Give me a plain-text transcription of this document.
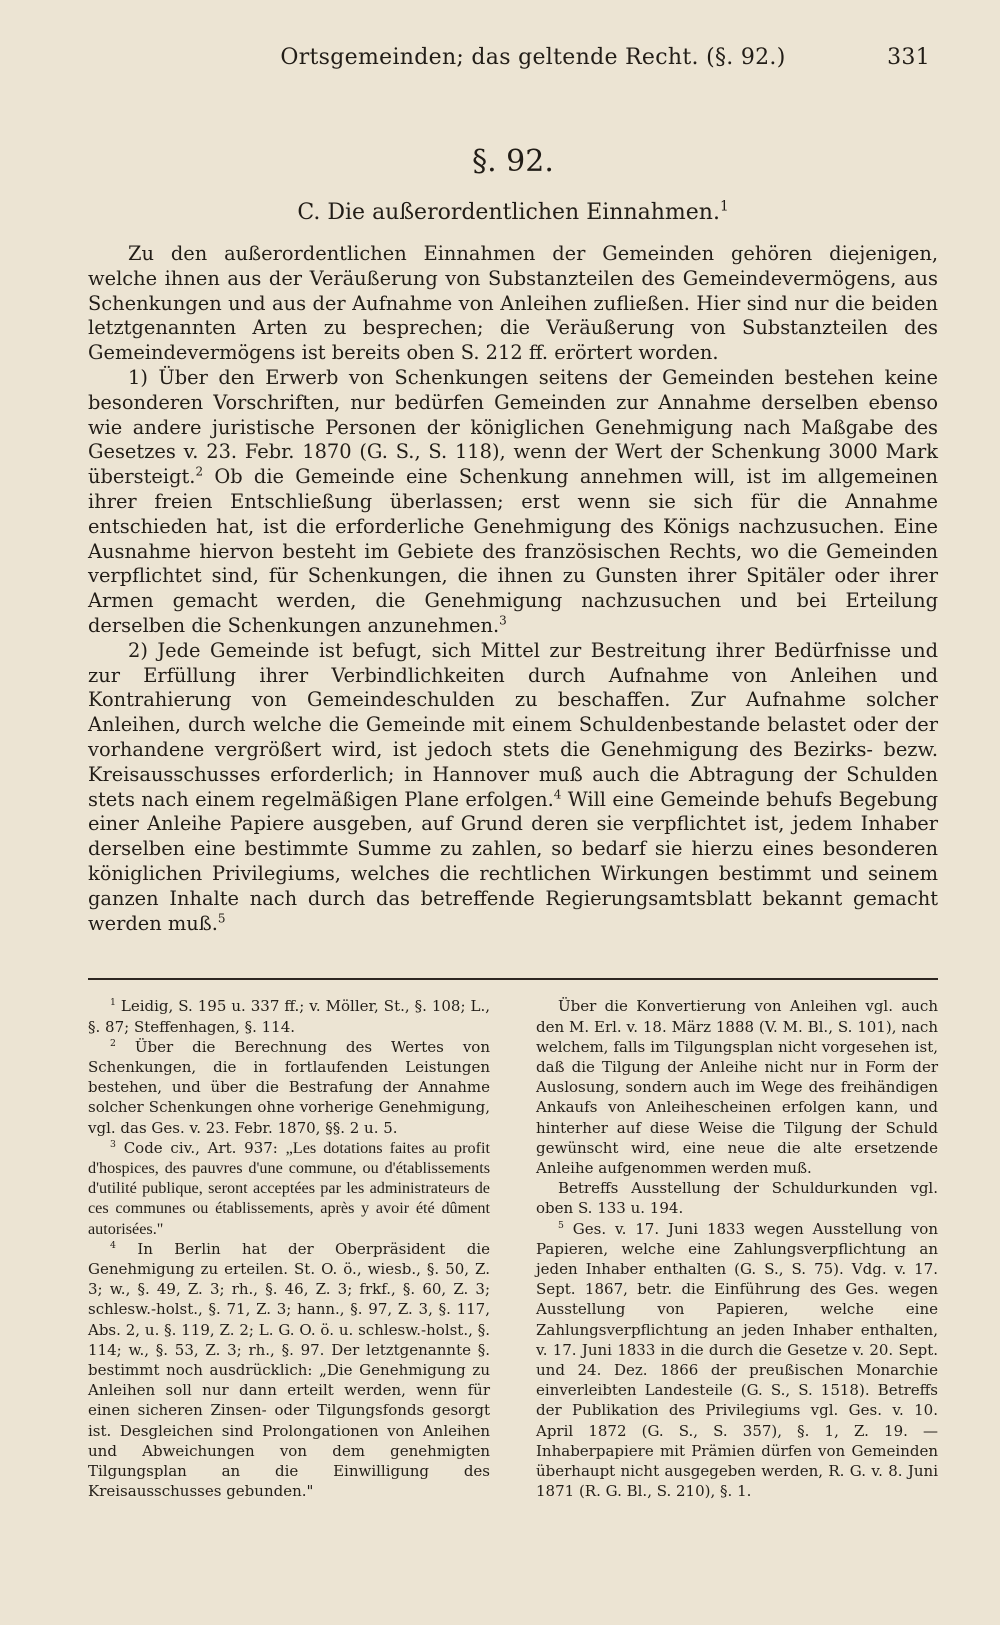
Ortsgemeinden; das geltende Recht. (§. 92.)	331
§. 92.
C. Die außerordentlichen Einnahmen.$^1$

Zu den außerordentlichen Einnahmen der Gemeinden gehören diejenigen, welche ihnen aus der Veräußerung von Substanzteilen des Gemeindevermögens, aus Schenkungen und aus der Aufnahme von Anleihen zufließen. Hier sind nur die beiden letztgenannten Arten zu besprechen; die Veräußerung von Substanzteilen des Gemeindevermögens ist bereits oben S. 212 ff. erörtert worden.

1) Über den Erwerb von Schenkungen seitens der Gemeinden bestehen keine besonderen Vorschriften, nur bedürfen Gemeinden zur Annahme derselben ebenso wie andere juristische Personen der königlichen Genehmigung nach Maßgabe des Gesetzes v. 23. Febr. 1870 (G. S., S. 118), wenn der Wert der Schenkung 3000 Mark übersteigt.$^2$ Ob die Gemeinde eine Schenkung annehmen will, ist im allgemeinen ihrer freien Entschließung überlassen; erst wenn sie sich für die Annahme entschieden hat, ist die erforderliche Genehmigung des Königs nachzusuchen. Eine Ausnahme hiervon besteht im Gebiete des französischen Rechts, wo die Gemeinden verpflichtet sind, für Schenkungen, die ihnen zu Gunsten ihrer Spitäler oder ihrer Armen gemacht werden, die Genehmigung nachzusuchen und bei Erteilung derselben die Schenkungen anzunehmen.$^3$

2) Jede Gemeinde ist befugt, sich Mittel zur Bestreitung ihrer Bedürfnisse und zur Erfüllung ihrer Verbindlichkeiten durch Aufnahme von Anleihen und Kontrahierung von Gemeindeschulden zu beschaffen. Zur Aufnahme solcher Anleihen, durch welche die Gemeinde mit einem Schuldenbestande belastet oder der vorhandene vergrößert wird, ist jedoch stets die Genehmigung des Bezirks- bezw. Kreisausschusses erforderlich; in Hannover muß auch die Abtragung der Schulden stets nach einem regelmäßigen Plane erfolgen.$^4$ Will eine Gemeinde behufs Begebung einer Anleihe Papiere ausgeben, auf Grund deren sie verpflichtet ist, jedem Inhaber derselben eine bestimmte Summe zu zahlen, so bedarf sie hierzu eines besonderen königlichen Privilegiums, welches die rechtlichen Wirkungen bestimmt und seinem ganzen Inhalte nach durch das betreffende Regierungsamtsblatt bekannt gemacht werden muß.$^5$

$^1$ Leidig, S. 195 u. 337 ff.; v. Möller, St., §. 108; L., §. 87; Steffenhagen, §. 114.

$^2$ Über die Berechnung des Wertes von Schenkungen, die in fortlaufenden Leistungen bestehen, und über die Bestrafung der Annahme solcher Schenkungen ohne vorherige Genehmigung, vgl. das Ges. v. 23. Febr. 1870, §§. 2 u. 5.

$^3$ Code civ., Art. 937: „Les dotations faites au profit d'hospices, des pauvres d'une commune, ou d'établissements d'utilité publique, seront acceptées par les administrateurs de ces communes ou établissements, après y avoir été dûment autorisées."

$^4$ In Berlin hat der Oberpräsident die Genehmigung zu erteilen. St. O. ö., wiesb., §. 50, Z. 3; w., §. 49, Z. 3; rh., §. 46, Z. 3; frkf., §. 60, Z. 3; schlesw.-holst., §. 71, Z. 3; hann., §. 97, Z. 3, §. 117, Abs. 2, u. §. 119, Z. 2; L. G. O. ö. u. schlesw.-holst., §. 114; w., §. 53, Z. 3; rh., §. 97. Der letztgenannte §. bestimmt noch ausdrücklich: „Die Genehmigung zu Anleihen soll nur dann erteilt werden, wenn für einen sicheren Zinsen- oder Tilgungsfonds gesorgt ist. Desgleichen sind Prolongationen von Anleihen und Abweichungen von dem genehmigten Tilgungsplan an die Einwilligung des Kreisausschusses gebunden."

Über die Konvertierung von Anleihen vgl. auch den M. Erl. v. 18. März 1888 (V. M. Bl., S. 101), nach welchem, falls im Tilgungsplan nicht vorgesehen ist, daß die Tilgung der Anleihe nicht nur in Form der Auslosung, sondern auch im Wege des freihändigen Ankaufs von Anleihescheinen erfolgen kann, und hinterher auf diese Weise die Tilgung der Schuld gewünscht wird, eine neue die alte ersetzende Anleihe aufgenommen werden muß.

Betreffs Ausstellung der Schuldurkunden vgl. oben S. 133 u. 194.

$^5$ Ges. v. 17. Juni 1833 wegen Ausstellung von Papieren, welche eine Zahlungsverpflichtung an jeden Inhaber enthalten (G. S., S. 75). Vdg. v. 17. Sept. 1867, betr. die Einführung des Ges. wegen Ausstellung von Papieren, welche eine Zahlungsverpflichtung an jeden Inhaber enthalten, v. 17. Juni 1833 in die durch die Gesetze v. 20. Sept. und 24. Dez. 1866 der preußischen Monarchie einverleibten Landesteile (G. S., S. 1518). Betreffs der Publikation des Privilegiums vgl. Ges. v. 10. April 1872 (G. S., S. 357), §. 1, Z. 19. — Inhaberpapiere mit Prämien dürfen von Gemeinden überhaupt nicht ausgegeben werden, R. G. v. 8. Juni 1871 (R. G. Bl., S. 210), §. 1.
